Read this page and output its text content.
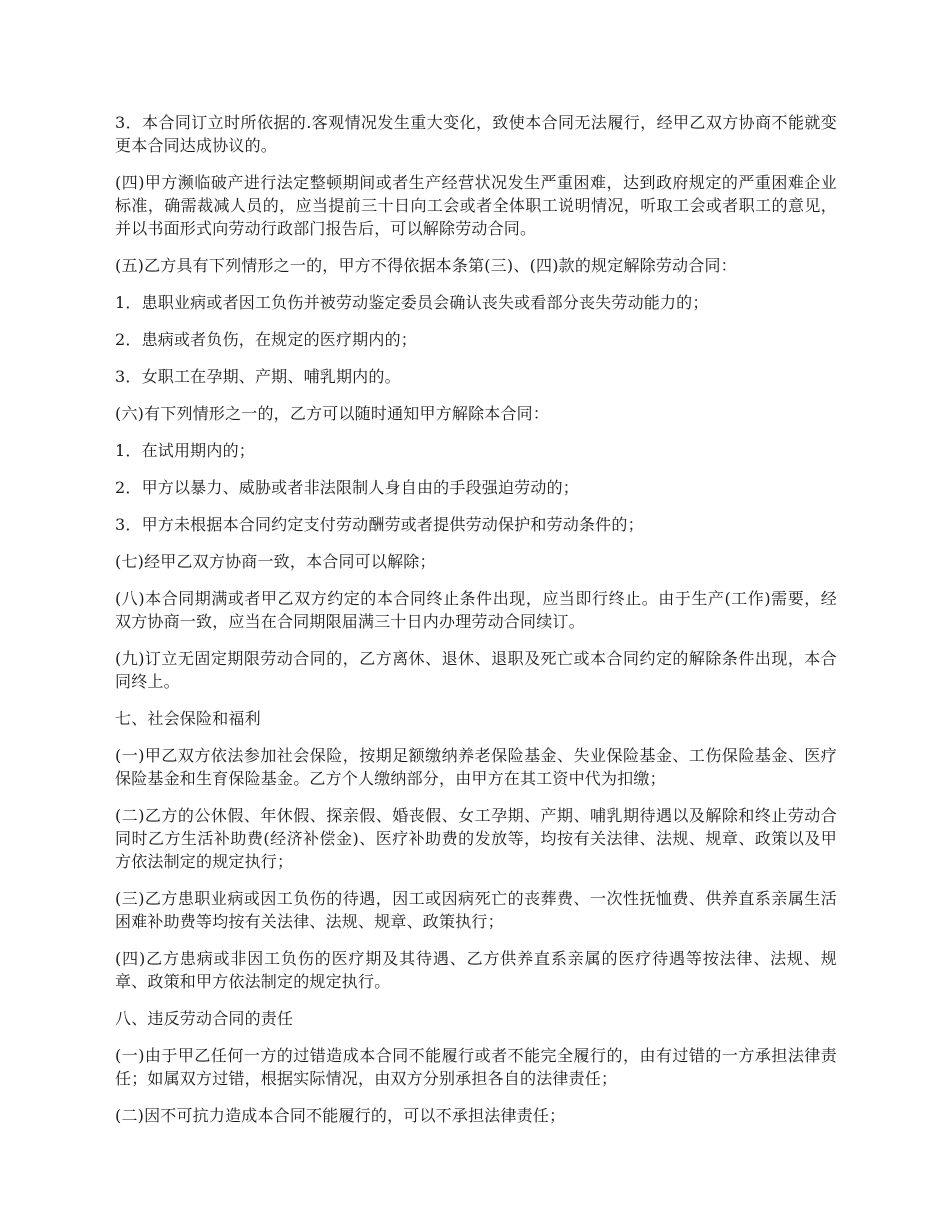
3．本合同订立时所依据的.客观情况发生重大变化，致使本合同无法履行，经甲乙双方协商不能就变更本合同达成协议的。

(四)甲方濒临破产进行法定整顿期间或者生产经营状况发生严重困难，达到政府规定的严重困难企业标准，确需裁减人员的，应当提前三十日向工会或者全体职工说明情况，听取工会或者职工的意见，并以书面形式向劳动行政部门报告后，可以解除劳动合同。

(五)乙方具有下列情形之一的，甲方不得依据本条第(三)、(四)款的规定解除劳动合同：

1．患职业病或者因工负伤并被劳动鉴定委员会确认丧失或看部分丧失劳动能力的；

2．患病或者负伤，在规定的医疗期内的；

3．女职工在孕期、产期、哺乳期内的。

(六)有下列情形之一的，乙方可以随时通知甲方解除本合同：

1．在试用期内的；

2．甲方以暴力、威胁或者非法限制人身自由的手段强迫劳动的；

3．甲方未根据本合同约定支付劳动酬劳或者提供劳动保护和劳动条件的；

(七)经甲乙双方协商一致，本合同可以解除；

(八)本合同期满或者甲乙双方约定的本合同终止条件出现，应当即行终止。由于生产(工作)需要，经双方协商一致，应当在合同期限届满三十日内办理劳动合同续订。

(九)订立无固定期限劳动合同的，乙方离休、退休、退职及死亡或本合同约定的解除条件出现，本合同终上。

七、社会保险和福利

(一)甲乙双方依法参加社会保险，按期足额缴纳养老保险基金、失业保险基金、工伤保险基金、医疗保险基金和生育保险基金。乙方个人缴纳部分，由甲方在其工资中代为扣缴；

(二)乙方的公休假、年休假、探亲假、婚丧假、女工孕期、产期、哺乳期待遇以及解除和终止劳动合同时乙方生活补助费(经济补偿金)、医疗补助费的发放等，均按有关法律、法规、规章、政策以及甲方依法制定的规定执行；

(三)乙方患职业病或因工负伤的待遇，因工或因病死亡的丧葬费、一次性抚恤费、供养直系亲属生活困难补助费等均按有关法律、法规、规章、政策执行；

(四)乙方患病或非因工负伤的医疗期及其待遇、乙方供养直系亲属的医疗待遇等按法律、法规、规章、政策和甲方依法制定的规定执行。

八、违反劳动合同的责任

(一)由于甲乙任何一方的过错造成本合同不能履行或者不能完全履行的，由有过错的一方承担法律责任；如属双方过错，根据实际情况，由双方分别承担各自的法律责任；

(二)因不可抗力造成本合同不能履行的，可以不承担法律责任；
